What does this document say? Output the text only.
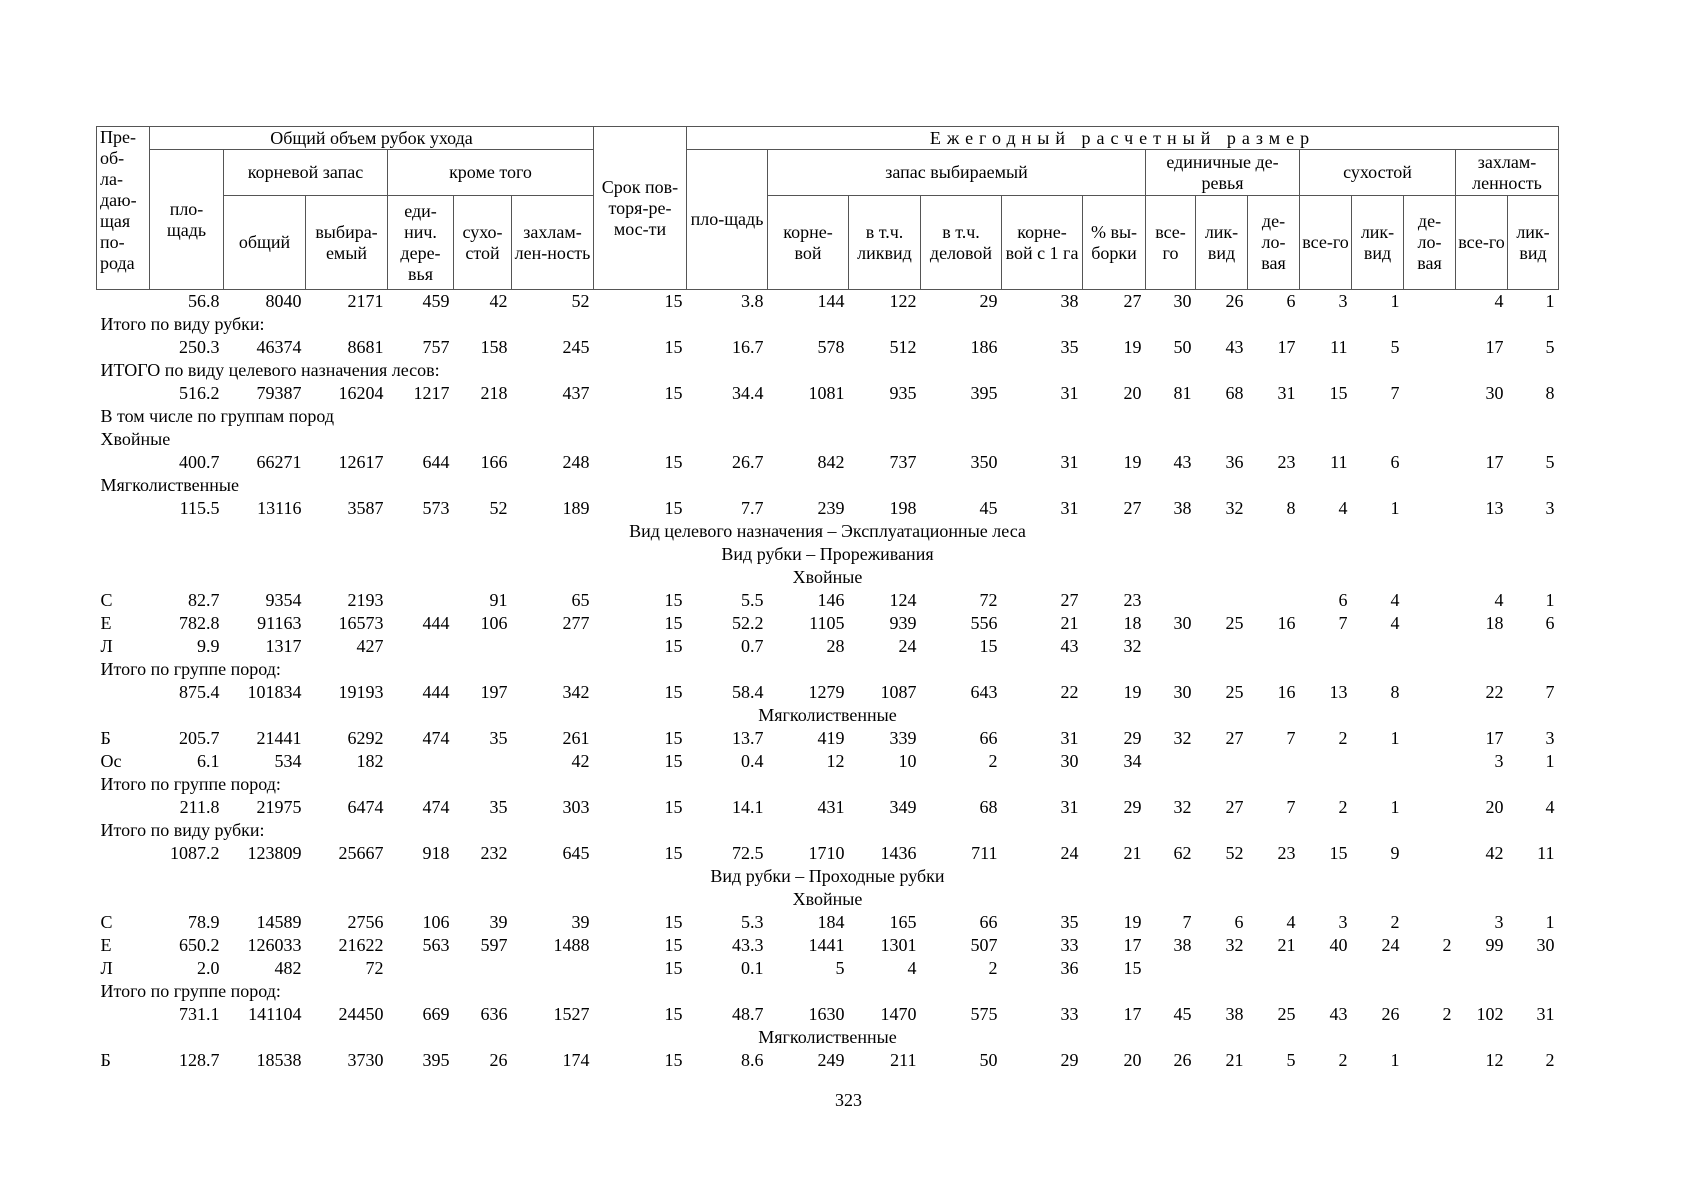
Пре-об-ла-даю-щая по-рода	Общий объем рубок ухода						Срок пов- торя-ре- мос-ти	Ежегодный расчетный размер													
	пло-щадь	корневой запас		кроме того				пло-щадь	запас выбираемый					единичные де-ревья			сухостой			захлам-ленность	
		общий	выбира-емый	еди-нич. дере-вья	сухо-стой	захлам-лен-ность			корне-вой	в т.ч. ликвид	в т.ч. деловой	корне-вой с 1 га	% вы-борки	все-го	лик-вид	де-ло-вая	все-го	лик-вид	де-ло-вая	все-го	лик-вид
	56.8	8040	2171	459	42	52	15	3.8	144	122	29	38	27	30	26	6	3	1		4	1
Итого по виду рубки:																					
	250.3	46374	8681	757	158	245	15	16.7	578	512	186	35	19	50	43	17	11	5		17	5
ИТОГО по виду целевого назначения лесов:																					
	516.2	79387	16204	1217	218	437	15	34.4	1081	935	395	31	20	81	68	31	15	7		30	8
В том числе по группам пород																					
Хвойные																					
	400.7	66271	12617	644	166	248	15	26.7	842	737	350	31	19	43	36	23	11	6		17	5
Мягколиственные																					
	115.5	13116	3587	573	52	189	15	7.7	239	198	45	31	27	38	32	8	4	1		13	3
Вид целевого назначения – Эксплуатационные леса																					
Вид рубки – Прореживания																					
Хвойные																					
С	82.7	9354	2193		91	65	15	5.5	146	124	72	27	23				6	4		4	1
Е	782.8	91163	16573	444	106	277	15	52.2	1105	939	556	21	18	30	25	16	7	4		18	6
Л	9.9	1317	427				15	0.7	28	24	15	43	32								
Итого по группе пород:																					
	875.4	101834	19193	444	197	342	15	58.4	1279	1087	643	22	19	30	25	16	13	8		22	7
Мягколиственные																					
Б	205.7	21441	6292	474	35	261	15	13.7	419	339	66	31	29	32	27	7	2	1		17	3
Ос	6.1	534	182			42	15	0.4	12	10	2	30	34							3	1
Итого по группе пород:																					
	211.8	21975	6474	474	35	303	15	14.1	431	349	68	31	29	32	27	7	2	1		20	4
Итого по виду рубки:																					
	1087.2	123809	25667	918	232	645	15	72.5	1710	1436	711	24	21	62	52	23	15	9		42	11
Вид рубки – Проходные рубки																					
Хвойные																					
С	78.9	14589	2756	106	39	39	15	5.3	184	165	66	35	19	7	6	4	3	2		3	1
Е	650.2	126033	21622	563	597	1488	15	43.3	1441	1301	507	33	17	38	32	21	40	24	2	99	30
Л	2.0	482	72				15	0.1	5	4	2	36	15								
Итого по группе пород:																					
	731.1	141104	24450	669	636	1527	15	48.7	1630	1470	575	33	17	45	38	25	43	26	2	102	31
Мягколиственные																					
Б	128.7	18538	3730	395	26	174	15	8.6	249	211	50	29	20	26	21	5	2	1		12	2
323
